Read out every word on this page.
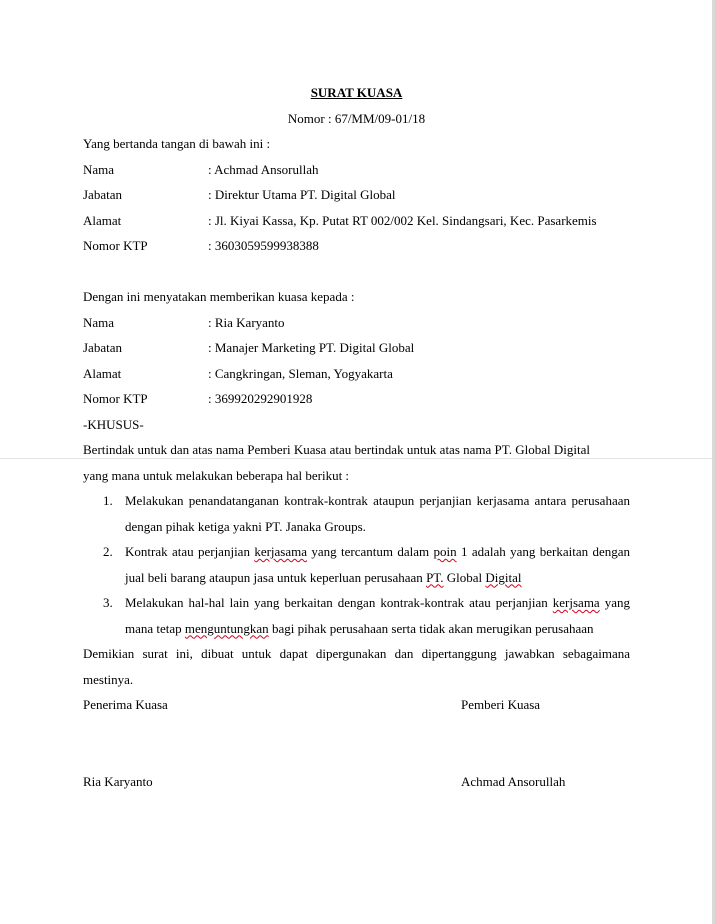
SURAT KUASA

Nomor : 67/MM/09-01/18
Yang bertanda tangan di bawah ini :
Nama	: Achmad Ansorullah
Jabatan	: Direktur Utama PT. Digital Global
Alamat	: Jl. Kiyai Kassa, Kp. Putat RT 002/002 Kel. Sindangsari, Kec. Pasarkemis
Nomor KTP	: 3603059599938388
Dengan ini menyatakan memberikan kuasa kepada :
Nama	: Ria Karyanto
Jabatan	: Manajer Marketing PT. Digital Global
Alamat	: Cangkringan, Sleman, Yogyakarta
Nomor KTP	: 369920292901928
-KHUSUS-
Bertindak untuk dan atas nama Pemberi Kuasa atau bertindak untuk atas nama PT. Global Digital
yang mana untuk melakukan beberapa hal berikut :
1. Melakukan penandatanganan kontrak-kontrak ataupun perjanjian kerjasama antara perusahaan dengan pihak ketiga yakni PT. Janaka Groups.
2. Kontrak atau perjanjian kerjasama yang tercantum dalam poin 1 adalah yang berkaitan dengan jual beli barang ataupun jasa untuk keperluan perusahaan PT. Global Digital
3. Melakukan hal-hal lain yang berkaitan dengan kontrak-kontrak atau perjanjian kerjsama yang mana tetap menguntungkan bagi pihak perusahaan serta tidak akan merugikan perusahaan
Demikian surat ini, dibuat untuk dapat dipergunakan dan dipertanggung jawabkan sebagaimana mestinya.
Penerima Kuasa	Pemberi Kuasa
Ria Karyanto	Achmad Ansorullah
